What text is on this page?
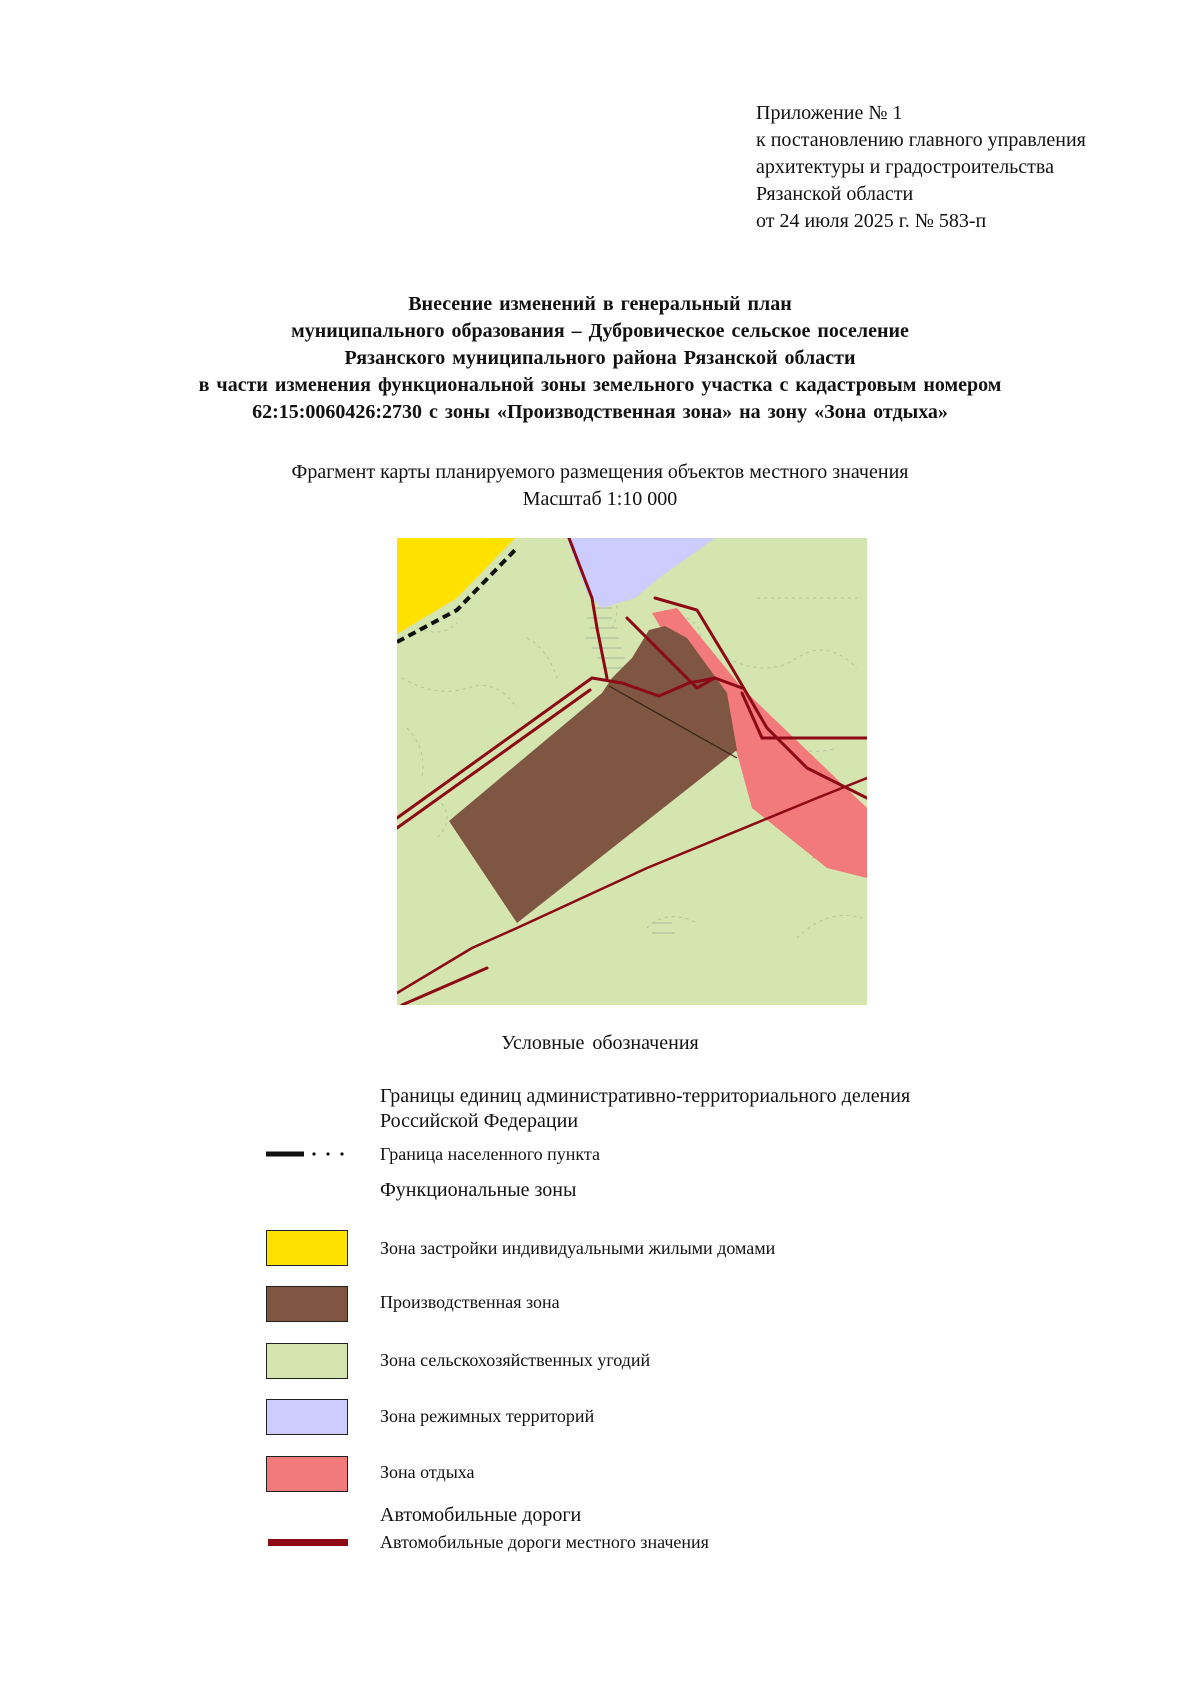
Приложение № 1
к постановлению главного управления
архитектуры и градостроительства
Рязанской области
от 24 июля 2025 г. № 583-п
Внесение изменений в генеральный план
муниципального образования – Дубровическое сельское поселение
Рязанского муниципального района Рязанской области
в части изменения функциональной зоны земельного участка с кадастровым номером
62:15:0060426:2730 с зоны «Производственная зона» на зону «Зона отдыха»
Фрагмент карты планируемого размещения объектов местного значения
Масштаб 1:10 000
Условные обозначения
Границы единиц административно-территориального деления
Российской Федерации
Граница населенного пункта
Функциональные зоны
Зона застройки индивидуальными жилыми домами
Производственная зона
Зона сельскохозяйственных угодий
Зона режимных территорий
Зона отдыха
Автомобильные дороги
Автомобильные дороги местного значения
